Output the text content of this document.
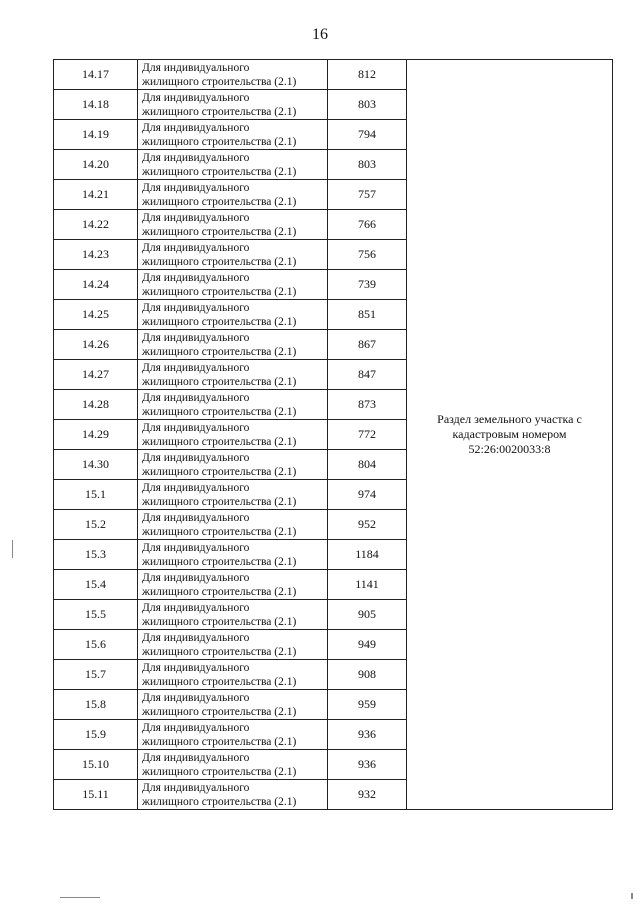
16
14.17	Для индивидуального
жилищного строительства (2.1)	812	Раздел земельного участка с
кадастровым номером
52:26:0020033:8

14.18	Для индивидуального
жилищного строительства (2.1)	803	
14.19	Для индивидуального
жилищного строительства (2.1)	794	
14.20	Для индивидуального
жилищного строительства (2.1)	803	
14.21	Для индивидуального
жилищного строительства (2.1)	757	
14.22	Для индивидуального
жилищного строительства (2.1)	766	
14.23	Для индивидуального
жилищного строительства (2.1)	756	
14.24	Для индивидуального
жилищного строительства (2.1)	739	
14.25	Для индивидуального
жилищного строительства (2.1)	851	
14.26	Для индивидуального
жилищного строительства (2.1)	867	
14.27	Для индивидуального
жилищного строительства (2.1)	847	
14.28	Для индивидуального
жилищного строительства (2.1)	873	
14.29	Для индивидуального
жилищного строительства (2.1)	772	
14.30	Для индивидуального
жилищного строительства (2.1)	804	
15.1	Для индивидуального
жилищного строительства (2.1)	974	
15.2	Для индивидуального
жилищного строительства (2.1)	952	
15.3	Для индивидуального
жилищного строительства (2.1)	1184	
15.4	Для индивидуального
жилищного строительства (2.1)	1141	
15.5	Для индивидуального
жилищного строительства (2.1)	905	
15.6	Для индивидуального
жилищного строительства (2.1)	949	
15.7	Для индивидуального
жилищного строительства (2.1)	908	
15.8	Для индивидуального
жилищного строительства (2.1)	959	
15.9	Для индивидуального
жилищного строительства (2.1)	936	
15.10	Для индивидуального
жилищного строительства (2.1)	936	
15.11	Для индивидуального
жилищного строительства (2.1)	932	
